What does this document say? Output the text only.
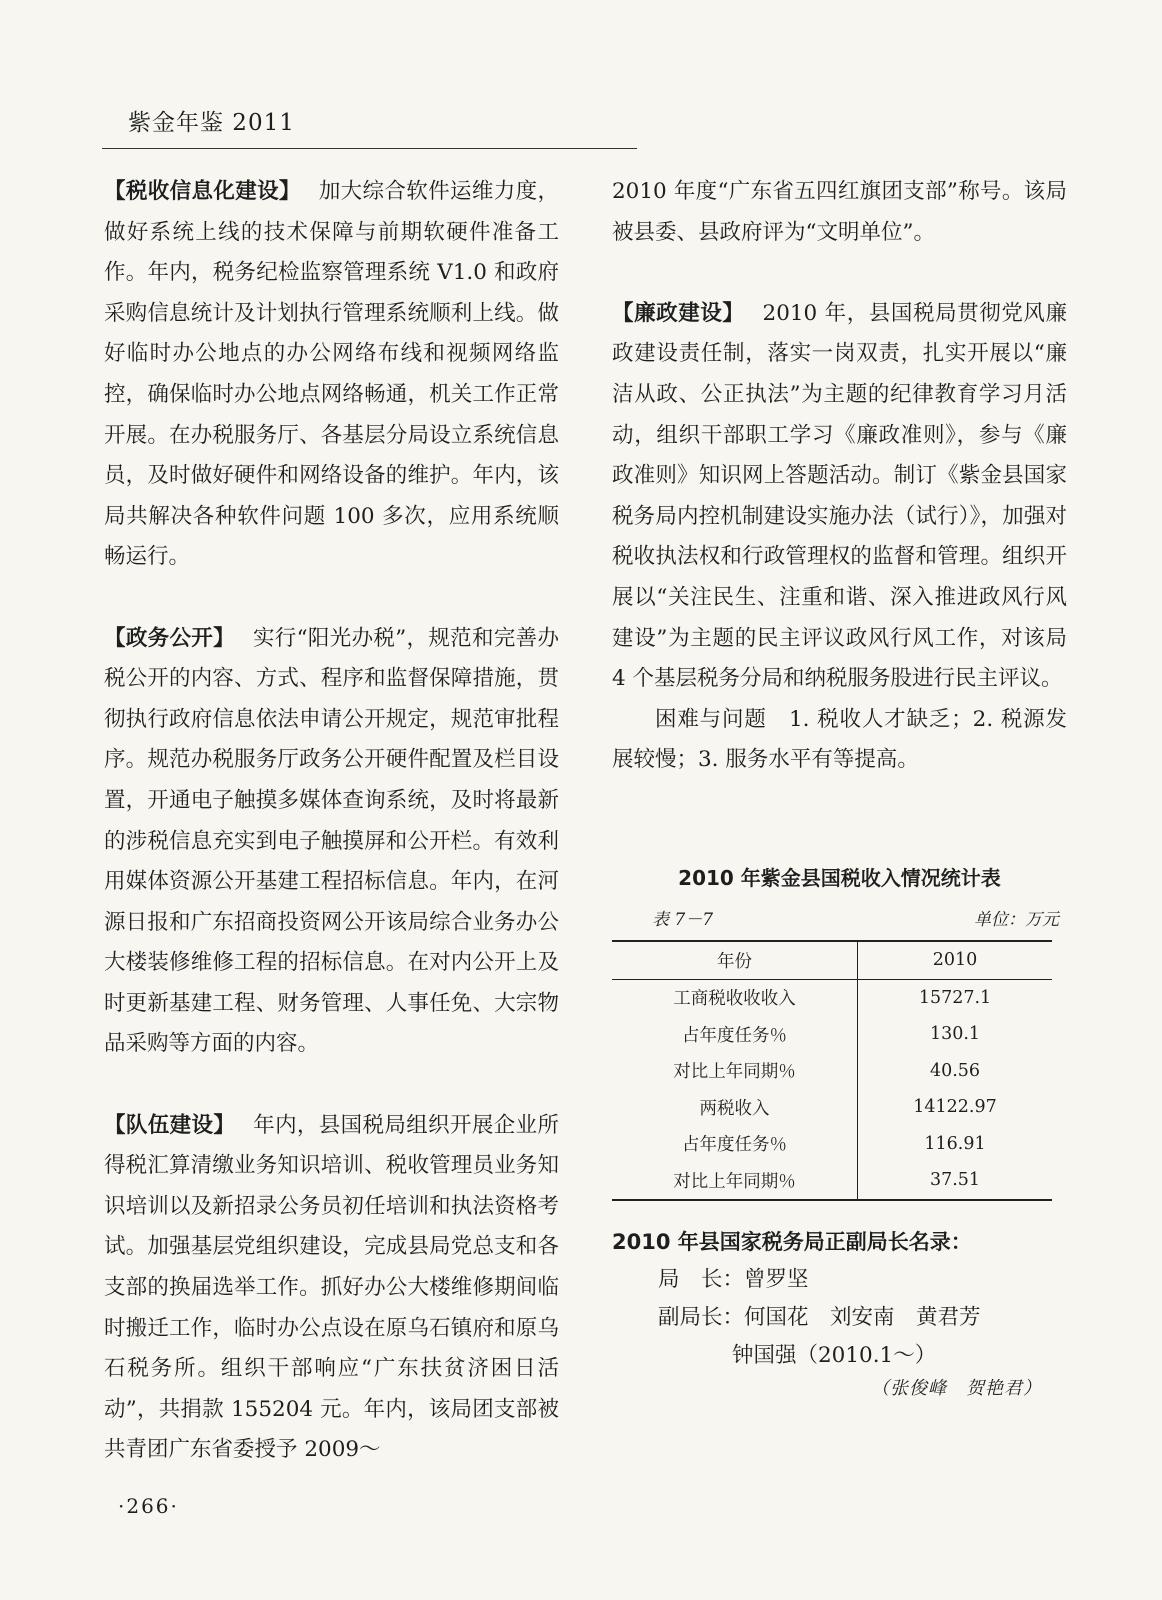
紫金年鉴 2011

【税收信息化建设】 加大综合软件运维力度，做好系统上线的技术保障与前期软硬件准备工作。年内，税务纪检监察管理系统 V1.0 和政府采购信息统计及计划执行管理系统顺利上线。做好临时办公地点的办公网络布线和视频网络监控，确保临时办公地点网络畅通，机关工作正常开展。在办税服务厅、各基层分局设立系统信息员，及时做好硬件和网络设备的维护。年内，该局共解决各种软件问题 100 多次，应用系统顺畅运行。

【政务公开】 实行“阳光办税”，规范和完善办税公开的内容、方式、程序和监督保障措施，贯彻执行政府信息依法申请公开规定，规范审批程序。规范办税服务厅政务公开硬件配置及栏目设置，开通电子触摸多媒体查询系统，及时将最新的涉税信息充实到电子触摸屏和公开栏。有效利用媒体资源公开基建工程招标信息。年内，在河源日报和广东招商投资网公开该局综合业务办公大楼装修维修工程的招标信息。在对内公开上及时更新基建工程、财务管理、人事任免、大宗物品采购等方面的内容。

【队伍建设】 年内，县国税局组织开展企业所得税汇算清缴业务知识培训、税收管理员业务知识培训以及新招录公务员初任培训和执法资格考试。加强基层党组织建设，完成县局党总支和各支部的换届选举工作。抓好办公大楼维修期间临时搬迁工作，临时办公点设在原乌石镇府和原乌石税务所。组织干部响应“广东扶贫济困日活动”，共捐款 155204 元。年内，该局团支部被共青团广东省委授予 2009～

2010 年度“广东省五四红旗团支部”称号。该局被县委、县政府评为“文明单位”。

【廉政建设】 2010 年，县国税局贯彻党风廉政建设责任制，落实一岗双责，扎实开展以“廉洁从政、公正执法”为主题的纪律教育学习月活动，组织干部职工学习《廉政准则》，参与《廉政准则》知识网上答题活动。制订《紫金县国家税务局内控机制建设实施办法（试行）》，加强对税收执法权和行政管理权的监督和管理。组织开展以“关注民生、注重和谐、深入推进政风行风建设”为主题的民主评议政风行风工作，对该局 4 个基层税务分局和纳税服务股进行民主评议。

困难与问题　1. 税收人才缺乏；2. 税源发展较慢；3. 服务水平有等提高。

2010 年紫金县国税收入情况统计表

表 7－7	单位：万元
年份	2010
工商税收收收入	15727.1
占年度任务％	130.1
对比上年同期％	40.56
两税收入	14122.97
占年度任务％	116.91
对比上年同期％	37.51
2010 年县国家税务局正副局长名录：
局　长：曾罗坚
副局长：何国花　刘安南　黄君芳
钟国强（2010.1～）
（张俊峰　贺艳君）
·266·
